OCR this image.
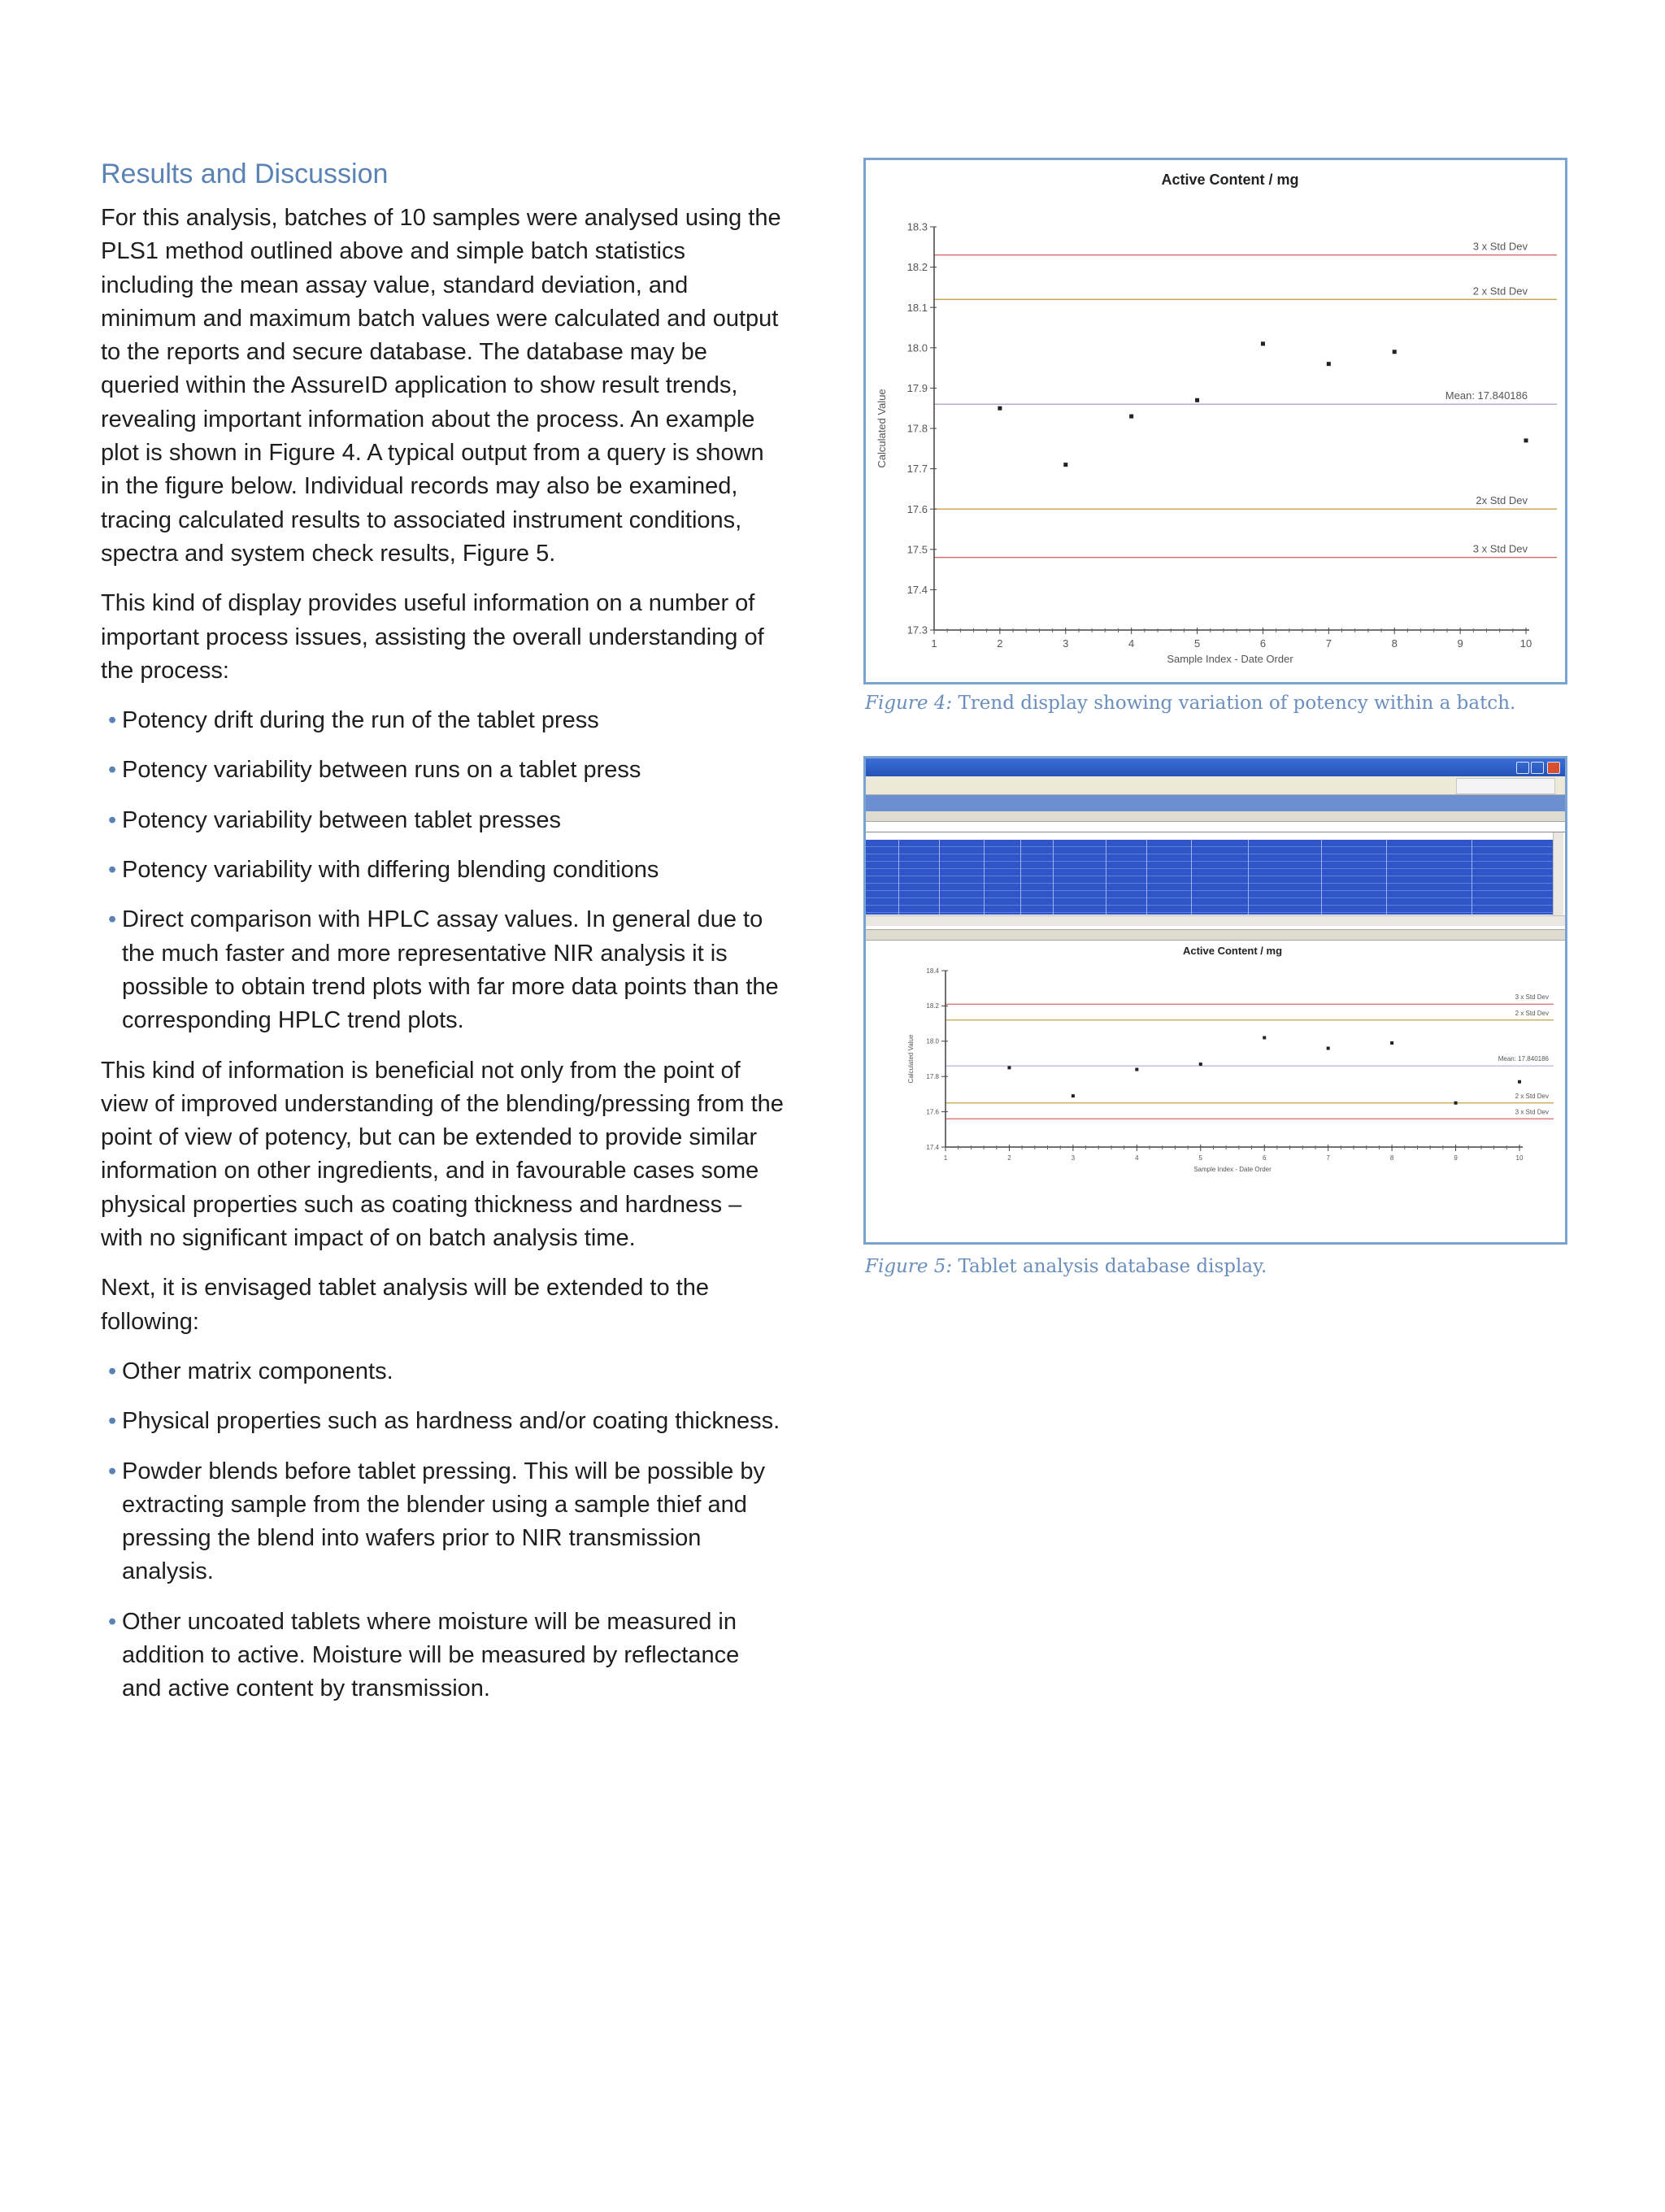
Results and Discussion

For this analysis, batches of 10 samples were analysed using the PLS1 method outlined above and simple batch statistics including the mean assay value, standard deviation, and minimum and maximum batch values were calculated and output to the reports and secure database. The database may be queried within the AssureID application to show result trends, revealing important information about the process. An example plot is shown in Figure 4. A typical output from a query is shown in the figure below. Individual records may also be examined, tracing calculated results to associated instrument conditions, spectra and system check results, Figure 5.

This kind of display provides useful information on a number of important process issues, assisting the overall understanding of the process:

• Potency drift during the run of the tablet press
• Potency variability between runs on a tablet press
• Potency variability between tablet presses
• Potency variability with differing blending conditions
• Direct comparison with HPLC assay values. In general due to the much faster and more representative NIR analysis it is possible to obtain trend plots with far more data points than the corresponding HPLC trend plots.

This kind of information is beneficial not only from the point of view of improved understanding of the blending/pressing from the point of view of potency, but can be extended to provide similar information on other ingredients, and in favourable cases some physical properties such as coating thickness and hardness – with no significant impact of on batch analysis time.

Next, it is envisaged tablet analysis will be extended to the following:

• Other matrix components.
• Physical properties such as hardness and/or coating thickness.
• Powder blends before tablet pressing. This will be possible by extracting sample from the blender using a sample thief and pressing the blend into wafers prior to NIR transmission analysis.
• Other uncoated tablets where moisture will be measured in addition to active. Moisture will be measured by reflectance and active content by transmission.
Active Content / mg
3 x Std Dev
2 x Std Dev
Mean: 17.840186
2x Std Dev
3 x Std Dev
18.3
18.2
18.1
18.0
17.9
17.8
17.7
17.6
17.5
17.4
17.3
1	2	3	4	5	6	7	8	9	10
Sample Index - Date Order
Calculated Value
Figure 4: Trend display showing variation of potency within a batch.
Active Content / mg
3 x Std Dev
2 x Std Dev
Mean: 17.840186
2 x Std Dev
3 x Std Dev
18.4
18.2
18.0
17.8
17.6
17.4
1	2	3	4	5	6	7	8	9	10
Sample Index - Date Order
Calculated Value
Figure 5: Tablet analysis database display.
